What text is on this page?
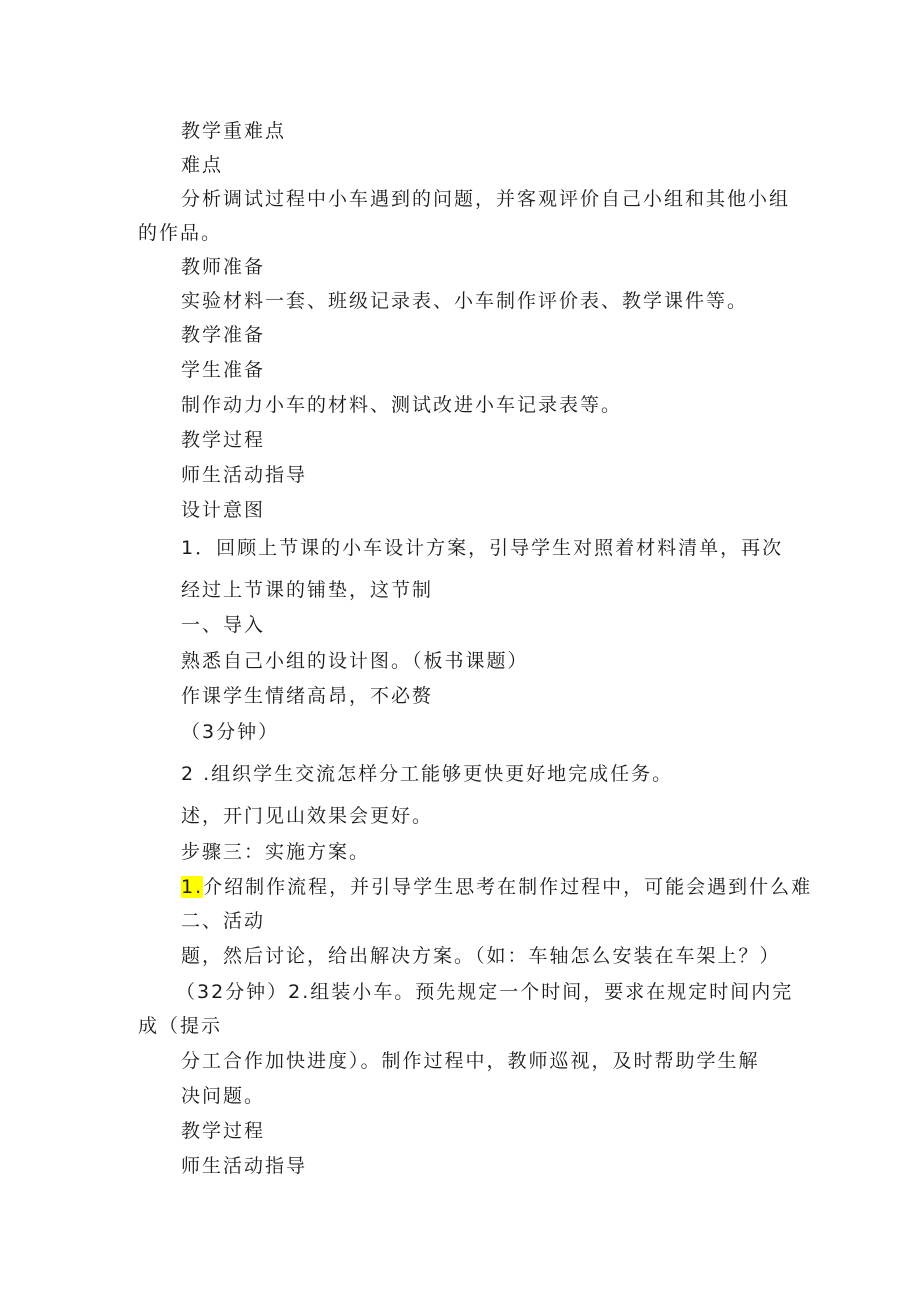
教学重难点
难点
分析调试过程中小车遇到的问题，并客观评价自己小组和其他小组
的作品。
教师准备
实验材料一套、班级记录表、小车制作评价表、教学课件等。
教学准备
学生准备
制作动力小车的材料、测试改进小车记录表等。
教学过程
师生活动指导
设计意图
1．回顾上节课的小车设计方案，引导学生对照着材料清单，再次
经过上节课的铺垫，这节制
一、导入
熟悉自己小组的设计图。（板书课题）
作课学生情绪高昂，不必赘
（3分钟）
2 .组织学生交流怎样分工能够更快更好地完成任务。
述，开门见山效果会更好。
步骤三：实施方案。
1.介绍制作流程，并引导学生思考在制作过程中，可能会遇到什么难
二、活动
题，然后讨论，给出解决方案。（如：车轴怎么安装在车架上？）
（32分钟）2.组装小车。预先规定一个时间，要求在规定时间内完
成（提示
分工合作加快进度）。制作过程中，教师巡视，及时帮助学生解
决问题。
教学过程
师生活动指导
